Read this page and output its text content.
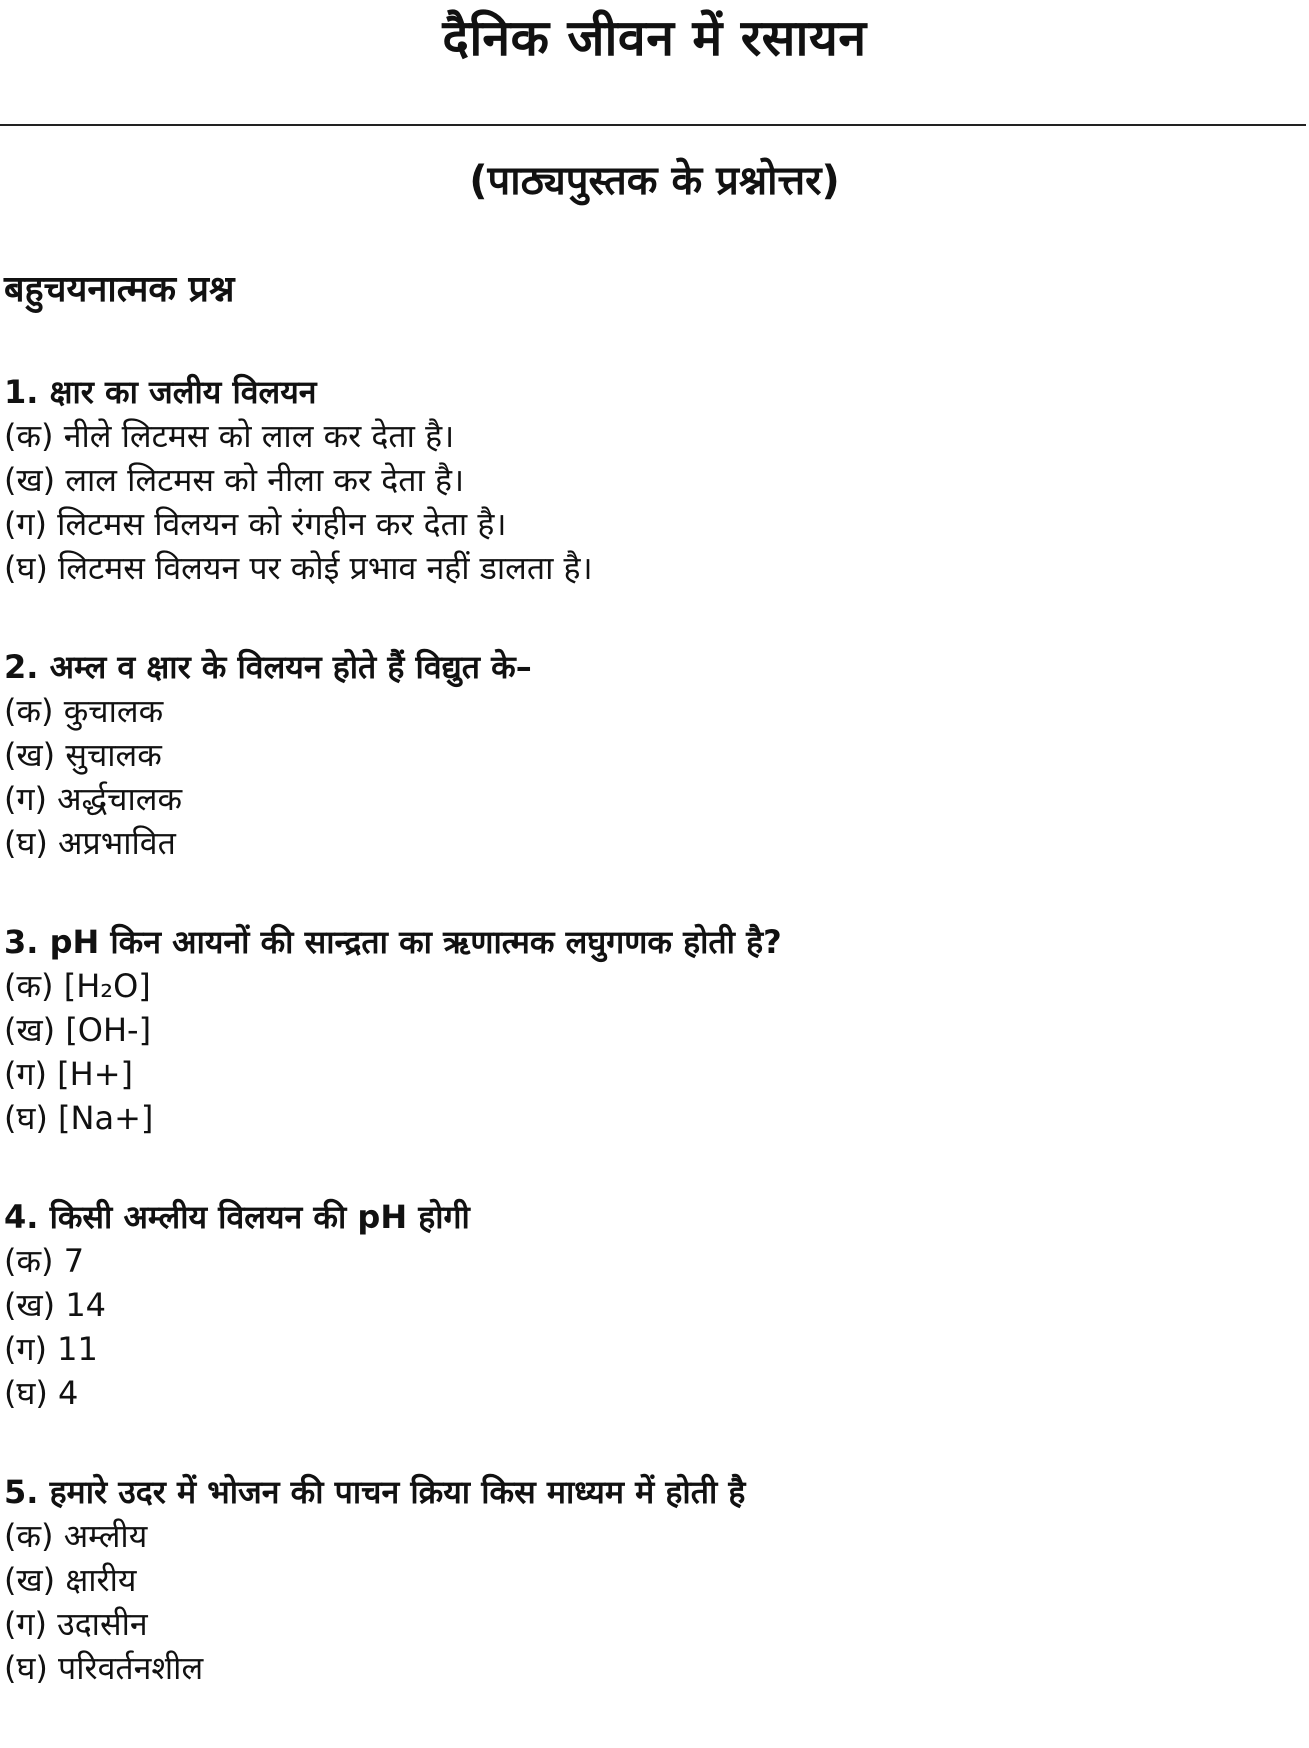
दैनिक जीवन में रसायन
(पाठ्यपुस्तक के प्रश्नोत्तर)
बहुचयनात्मक प्रश्न
1. क्षार का जलीय विलयन
(क) नीले लिटमस को लाल कर देता है।
(ख) लाल लिटमस को नीला कर देता है।
(ग) लिटमस विलयन को रंगहीन कर देता है।
(घ) लिटमस विलयन पर कोई प्रभाव नहीं डालता है।
2. अम्ल व क्षार के विलयन होते हैं विद्युत के–
(क) कुचालक
(ख) सुचालक
(ग) अर्द्धचालक
(घ) अप्रभावित
3. pH किन आयनों की सान्द्रता का ऋणात्मक लघुगणक होती है?
(क) [H₂O]
(ख) [OH-]
(ग) [H+]
(घ) [Na+]
4. किसी अम्लीय विलयन की pH होगी
(क) 7
(ख) 14
(ग) 11
(घ) 4
5. हमारे उदर में भोजन की पाचन क्रिया किस माध्यम में होती है
(क) अम्लीय
(ख) क्षारीय
(ग) उदासीन
(घ) परिवर्तनशील
